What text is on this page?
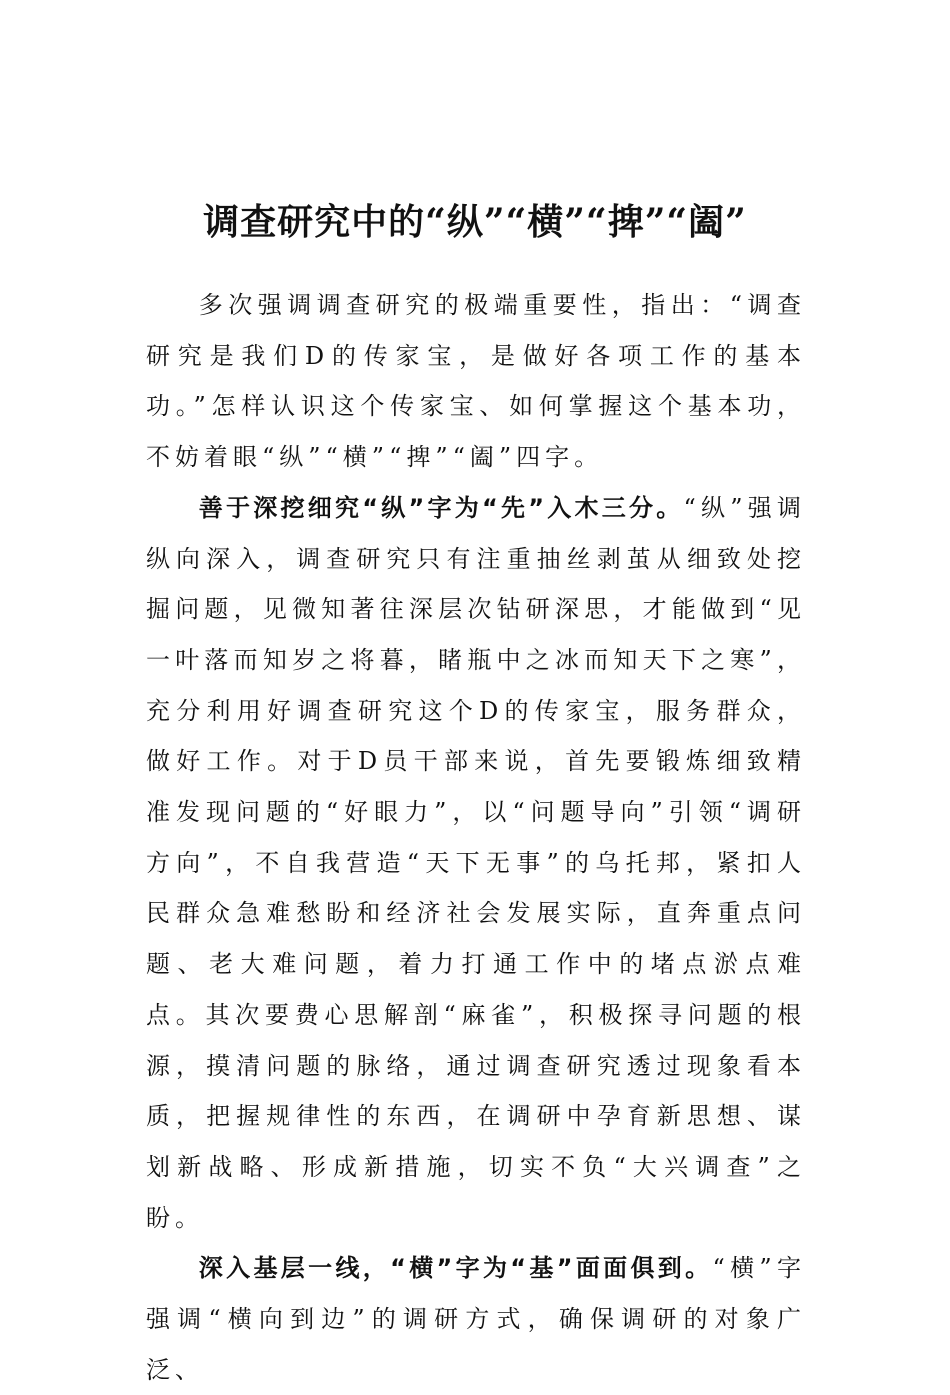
调查研究中的“纵”“横”“捭”“阖”

多次强调调查研究的极端重要性，指出：“调查研究是我们D的传家宝，是做好各项工作的基本功。”怎样认识这个传家宝、如何掌握这个基本功，不妨着眼“纵”“横”“捭”“阖”四字。

善于深挖细究“纵”字为“先”入木三分。“纵”强调纵向深入，调查研究只有注重抽丝剥茧从细致处挖掘问题，见微知著往深层次钻研深思，才能做到“见一叶落而知岁之将暮，睹瓶中之冰而知天下之寒”，充分利用好调查研究这个D的传家宝，服务群众，做好工作。对于D员干部来说，首先要锻炼细致精准发现问题的“好眼力”，以“问题导向”引领“调研方向”，不自我营造“天下无事”的乌托邦，紧扣人民群众急难愁盼和经济社会发展实际，直奔重点问题、老大难问题，着力打通工作中的堵点淤点难点。其次要费心思解剖“麻雀”，积极探寻问题的根源，摸清问题的脉络，通过调查研究透过现象看本质，把握规律性的东西，在调研中孕育新思想、谋划新战略、形成新措施，切实不负“大兴调查”之盼。

深入基层一线，“横”字为“基”面面俱到。“横”字强调“横向到边”的调研方式，确保调研的对象广泛、
